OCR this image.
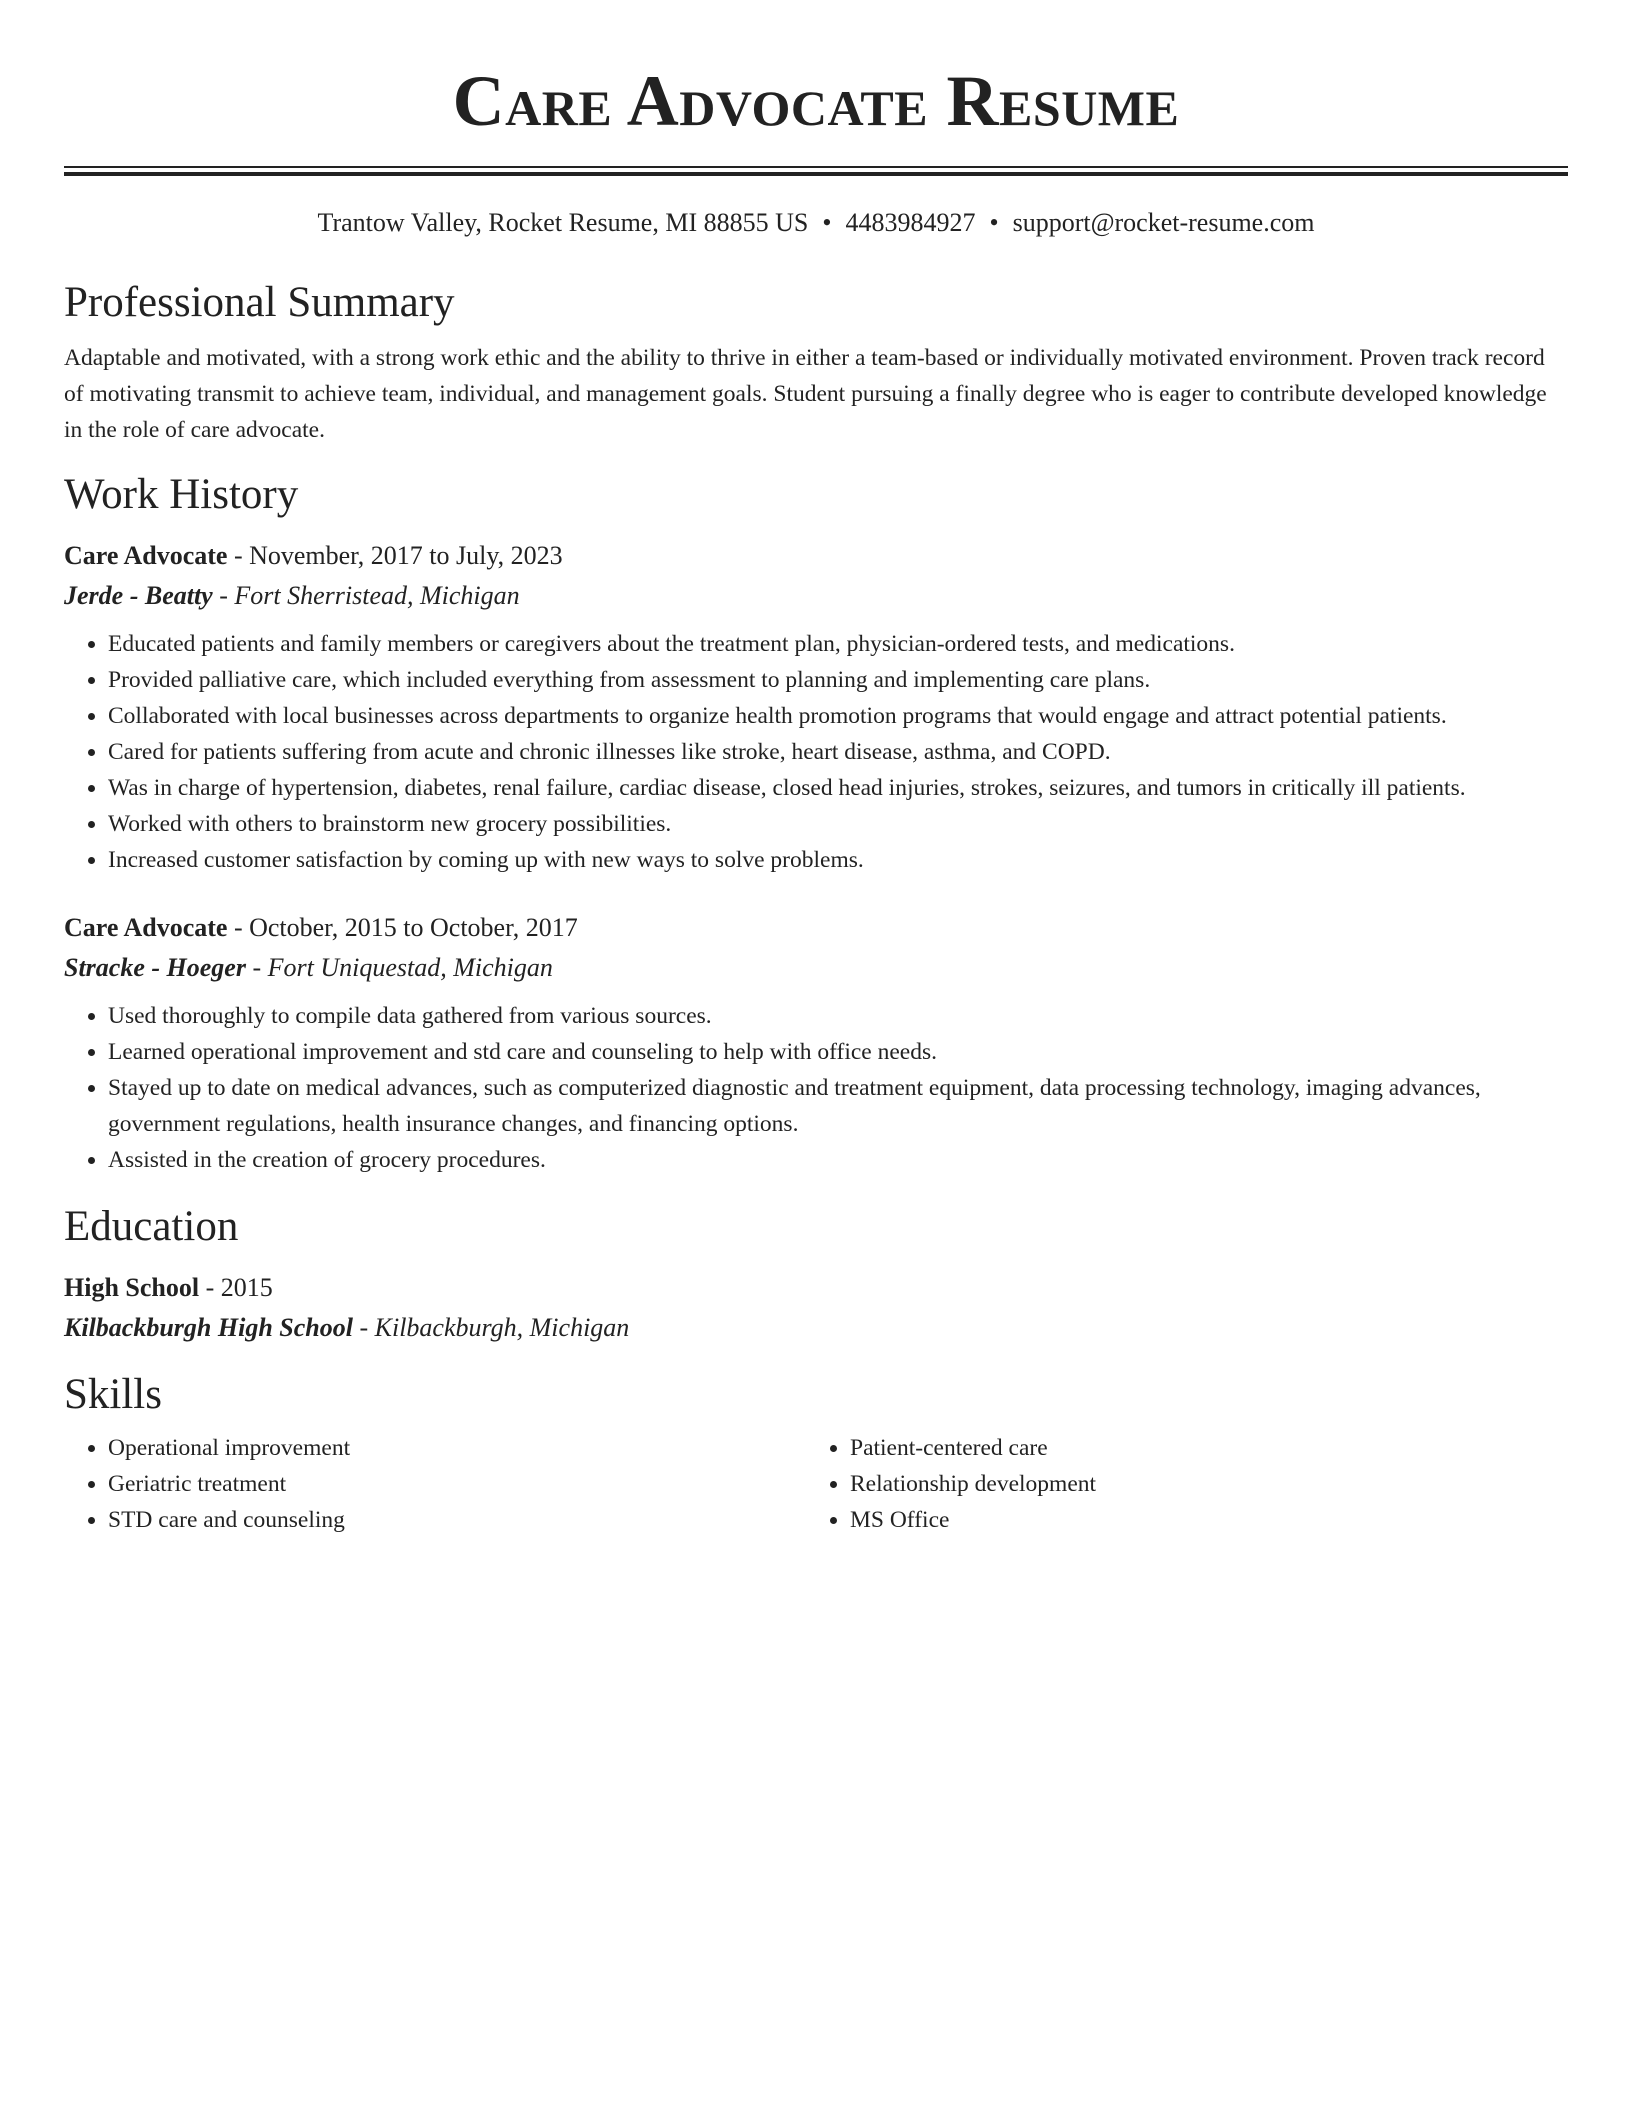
Care Advocate Resume
Trantow Valley, Rocket Resume, MI 88855 US • 4483984927 • support@rocket-resume.com
Professional Summary
Adaptable and motivated, with a strong work ethic and the ability to thrive in either a team-based or individually motivated environment. Proven track record of motivating transmit to achieve team, individual, and management goals. Student pursuing a finally degree who is eager to contribute developed knowledge in the role of care advocate.
Work History
Care Advocate - November, 2017 to July, 2023
Jerde - Beatty - Fort Sherristead, Michigan
• Educated patients and family members or caregivers about the treatment plan, physician-ordered tests, and medications.
• Provided palliative care, which included everything from assessment to planning and implementing care plans.
• Collaborated with local businesses across departments to organize health promotion programs that would engage and attract potential patients.
• Cared for patients suffering from acute and chronic illnesses like stroke, heart disease, asthma, and COPD.
• Was in charge of hypertension, diabetes, renal failure, cardiac disease, closed head injuries, strokes, seizures, and tumors in critically ill patients.
• Worked with others to brainstorm new grocery possibilities.
• Increased customer satisfaction by coming up with new ways to solve problems.
Care Advocate - October, 2015 to October, 2017
Stracke - Hoeger - Fort Uniquestad, Michigan
• Used thoroughly to compile data gathered from various sources.
• Learned operational improvement and std care and counseling to help with office needs.
• Stayed up to date on medical advances, such as computerized diagnostic and treatment equipment, data processing technology, imaging advances, government regulations, health insurance changes, and financing options.
• Assisted in the creation of grocery procedures.
Education
High School - 2015
Kilbackburgh High School - Kilbackburgh, Michigan
Skills
• Operational improvement
• Geriatric treatment
• STD care and counseling
• Patient-centered care
• Relationship development
• MS Office
